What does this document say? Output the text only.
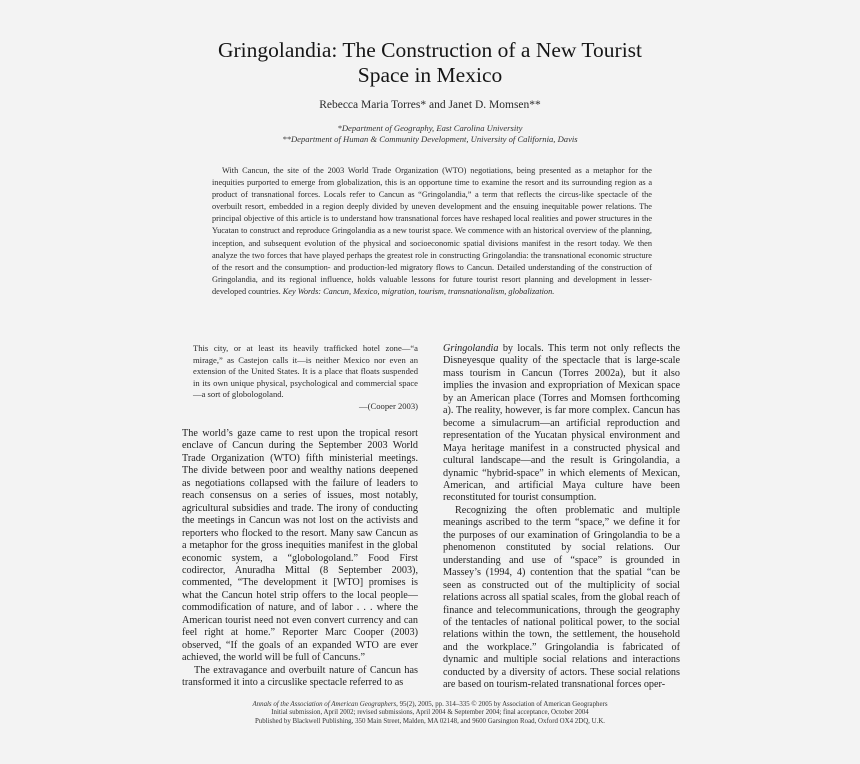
Gringolandia: The Construction of a New Tourist
Space in Mexico
Rebecca Maria Torres* and Janet D. Momsen**
*Department of Geography, East Carolina University
**Department of Human & Community Development, University of California, Davis
With Cancun, the site of the 2003 World Trade Organization (WTO) negotiations, being presented as a metaphor for the inequities purported to emerge from globalization, this is an opportune time to examine the resort and its surrounding region as a product of transnational forces. Locals refer to Cancun as “Gringolandia,” a term that reflects the circus-like spectacle of the overbuilt resort, embedded in a region deeply divided by uneven development and the ensuing inequitable power relations. The principal objective of this article is to understand how transnational forces have reshaped local realities and power structures in the Yucatan to construct and reproduce Gringolandia as a new tourist space. We commence with an historical overview of the planning, inception, and subsequent evolution of the physical and socioeconomic spatial divisions manifest in the resort today. We then analyze the two forces that have played perhaps the greatest role in constructing Gringolandia: the transnational economic structure of the resort and the consumption- and production-led migratory flows to Cancun. Detailed understanding of the construction of Gringolandia, and its regional influence, holds valuable lessons for future tourist resort planning and development in lesser-developed countries. Key Words: Cancun, Mexico, migration, tourism, transnationalism, globalization.

This city, or at least its heavily trafficked hotel zone—“a mirage,” as Castejon calls it—is neither Mexico nor even an extension of the United States. It is a place that floats suspended in its own unique physical, psychological and commercial space—a sort of globologoland.

—(Cooper 2003)

The world’s gaze came to rest upon the tropical resort enclave of Cancun during the September 2003 World Trade Organization (WTO) fifth ministerial meetings. The divide between poor and wealthy nations deepened as negotiations collapsed with the failure of leaders to reach consensus on a series of issues, most notably, agricultural subsidies and trade. The irony of conducting the meetings in Cancun was not lost on the activists and reporters who flocked to the resort. Many saw Cancun as a metaphor for the gross inequities manifest in the global economic system, a “globologoland.” Food First codirector, Anuradha Mittal (8 September 2003), commented, “The development it [WTO] promises is what the Cancun hotel strip offers to the local people—commodification of nature, and of labor . . . where the American tourist need not even convert currency and can feel right at home.” Reporter Marc Cooper (2003) observed, “If the goals of an expanded WTO are ever achieved, the world will be full of Cancuns.”

The extravagance and overbuilt nature of Cancun has transformed it into a circuslike spectacle referred to as

Gringolandia by locals. This term not only reflects the Disneyesque quality of the spectacle that is large-scale mass tourism in Cancun (Torres 2002a), but it also implies the invasion and expropriation of Mexican space by an American place (Torres and Momsen forthcoming a). The reality, however, is far more complex. Cancun has become a simulacrum—an artificial reproduction and representation of the Yucatan physical environment and Maya heritage manifest in a constructed physical and cultural landscape—and the result is Gringolandia, a dynamic “hybrid-space” in which elements of Mexican, American, and artificial Maya culture have been reconstituted for tourist consumption.

Recognizing the often problematic and multiple meanings ascribed to the term “space,” we define it for the purposes of our examination of Gringolandia to be a phenomenon constituted by social relations. Our understanding and use of “space” is grounded in Massey’s (1994, 4) contention that the spatial “can be seen as constructed out of the multiplicity of social relations across all spatial scales, from the global reach of finance and telecommunications, through the geography of the tentacles of national political power, to the social relations within the town, the settlement, the household and the workplace.” Gringolandia is fabricated of dynamic and multiple social relations and interactions conducted by a diversity of actors. These social relations are based on tourism-related transnational forces oper-

Annals of the Association of American Geographers, 95(2), 2005, pp. 314–335 © 2005 by Association of American Geographers
Initial submission, April 2002; revised submissions, April 2004 & September 2004; final acceptance, October 2004
Published by Blackwell Publishing, 350 Main Street, Malden, MA 02148, and 9600 Garsington Road, Oxford OX4 2DQ, U.K.
